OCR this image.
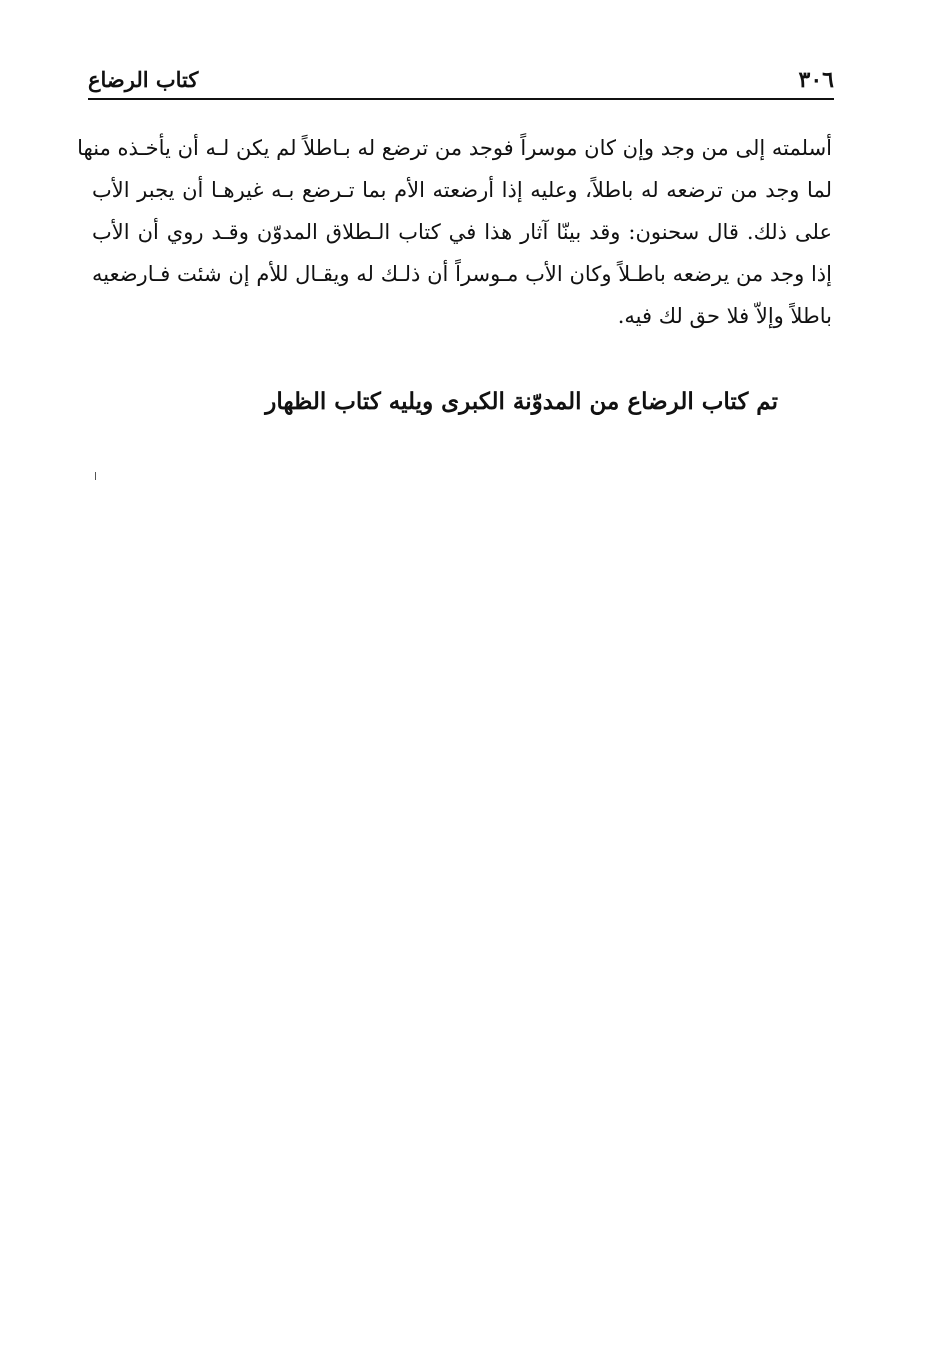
٣٠٦
كتاب الرضاع
أسلمته إلى من وجد وإن كان موسراً فوجد من ترضع له بـاطلاً لم يكن لـه أن يأخـذه منها
لما وجد من ترضعه له باطلاً، وعليه إذا أرضعته الأم بما تـرضع بـه غيرهـا أن يجبر الأب
على ذلك. قال سحنون: وقد بينّا آثار هذا في كتاب الـطلاق المدوّن وقـد روي أن الأب
إذا وجد من يرضعه باطـلاً وكان الأب مـوسراً أن ذلـك له ويقـال للأم إن شئت فـارضعيه
باطلاً وإلاّ فلا حق لك فيه.
تم كتاب الرضاع من المدوّنة الكبرى ويليه كتاب الظهار
